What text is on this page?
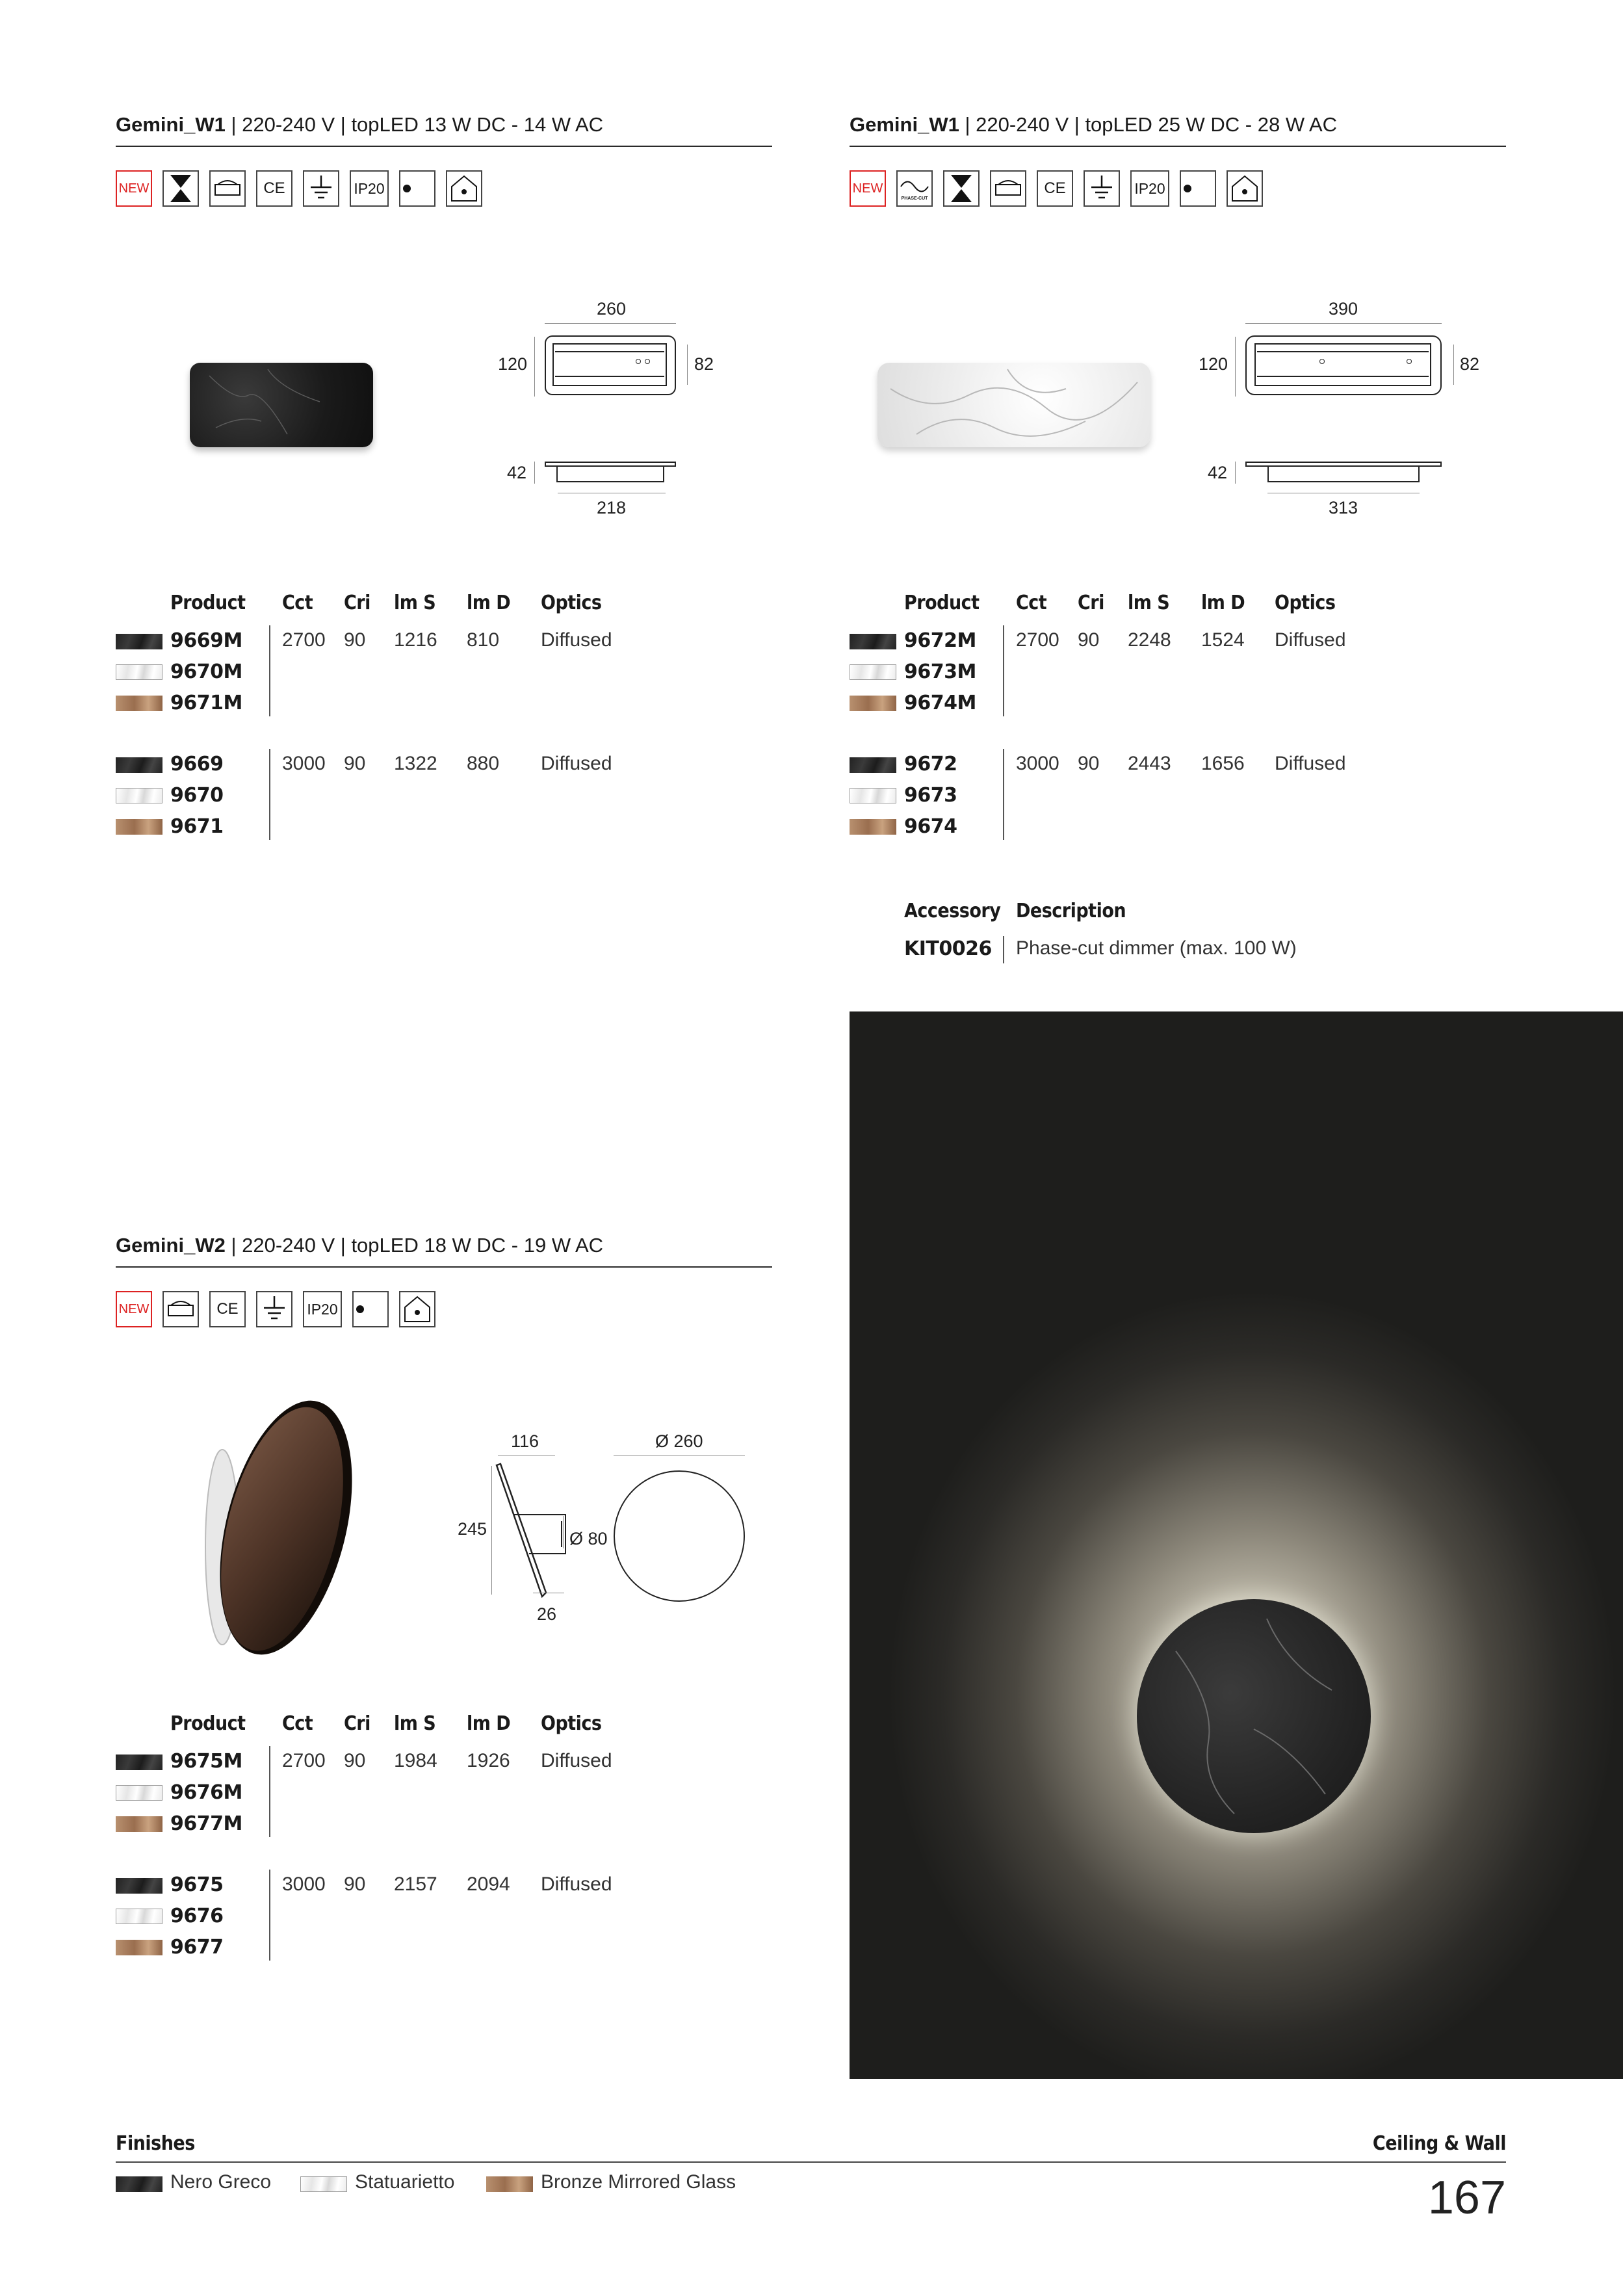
Gemini_W1 | 220-240 V | topLED 13 W DC - 14 W AC
NEW	CE	IP20
260
120	82
42
218
Product Cct Cri lm S lm D Optics
9669M
9670M
9671M
2700 90 1216 810 Diffused
9669
9670
9671
3000 90 1322 880 Diffused
Gemini_W1 | 220-240 V | topLED 25 W DC - 28 W AC
NEW
PHASE-CUT
CE	IP20
390
120	82
42
313
Product Cct Cri lm S lm D Optics
9672M
9673M
9674M
2700 90 2248 1524 Diffused
9672
9673
9674
3000 90 2443 1656 Diffused
Accessory Description
KIT0026 Phase-cut dimmer (max. 100 W)
Gemini_W2 | 220-240 V | topLED 18 W DC - 19 W AC
NEW	CE	IP20
116
245	Ø 80
26
Ø 260
Product Cct Cri lm S lm D Optics
9675M
9676M
9677M
2700 90 1984 1926 Diffused
9675
9676
9677
3000 90 2157 2094 Diffused
Finishes	Ceiling & Wall
Nero Greco	Statuarietto	Bronze Mirrored Glass	167
